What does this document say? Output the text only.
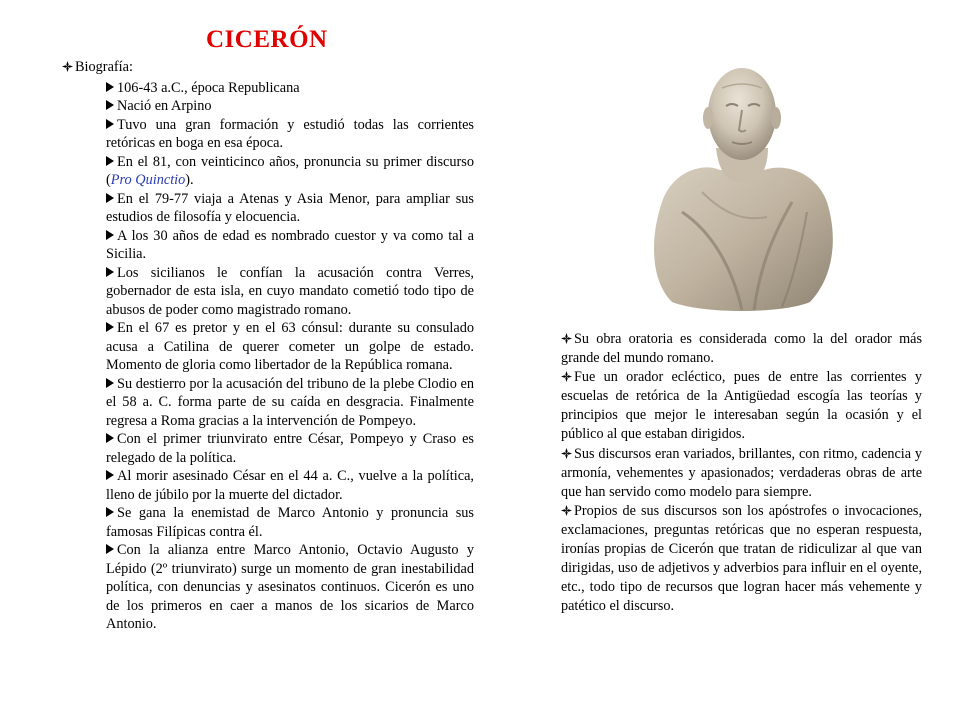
CICERÓN
Biografía:
106-43 a.C., época Republicana
Nació en Arpino
Tuvo una gran formación y estudió todas las corrientes retóricas en boga en esa época.
En el 81, con veinticinco años, pronuncia su primer discurso (Pro Quinctio).
En el 79-77 viaja a Atenas y Asia Menor, para ampliar sus estudios de filosofía y elocuencia.
A los 30 años de edad es nombrado cuestor y va como tal a Sicilia.
Los sicilianos le confían la acusación contra Verres, gobernador de esta isla, en cuyo mandato cometió todo tipo de abusos de poder como magistrado romano.
En el 67 es pretor y en el 63 cónsul: durante su consulado acusa a Catilina de querer cometer un golpe de estado. Momento de gloria como libertador de la República romana.
Su destierro por la acusación del tribuno de la plebe Clodio en el 58 a. C. forma parte de su caída en desgracia. Finalmente regresa a Roma gracias a la intervención de Pompeyo.
Con el primer triunvirato entre César, Pompeyo y Craso es relegado de la política.
Al morir asesinado César en el 44 a. C., vuelve a la política, lleno de júbilo por la muerte del dictador.
Se gana la enemistad de Marco Antonio y pronuncia sus famosas Filípicas contra él.
Con la alianza entre Marco Antonio, Octavio Augusto y Lépido (2º triunvirato) surge un momento de gran inestabilidad política, con denuncias y asesinatos continuos. Cicerón es uno de los primeros en caer a manos de los sicarios de Marco Antonio.

Su obra oratoria es considerada como la del orador más grande del mundo romano.

Fue un orador ecléctico, pues de entre las corrientes y escuelas de retórica de la Antigüedad escogía las teorías y principios que mejor le interesaban según la ocasión y el público al que estaban dirigidos.

Sus discursos eran variados, brillantes, con ritmo, cadencia y armonía, vehementes y apasionados; verdaderas obras de arte que han servido como modelo para siempre.

Propios de sus discursos son los apóstrofes o invocaciones, exclamaciones, preguntas retóricas que no esperan respuesta, ironías propias de Cicerón que tratan de ridiculizar al que van dirigidas, uso de adjetivos y adverbios para influir en el oyente, etc., todo tipo de recursos que logran hacer más vehemente y patético el discurso.
